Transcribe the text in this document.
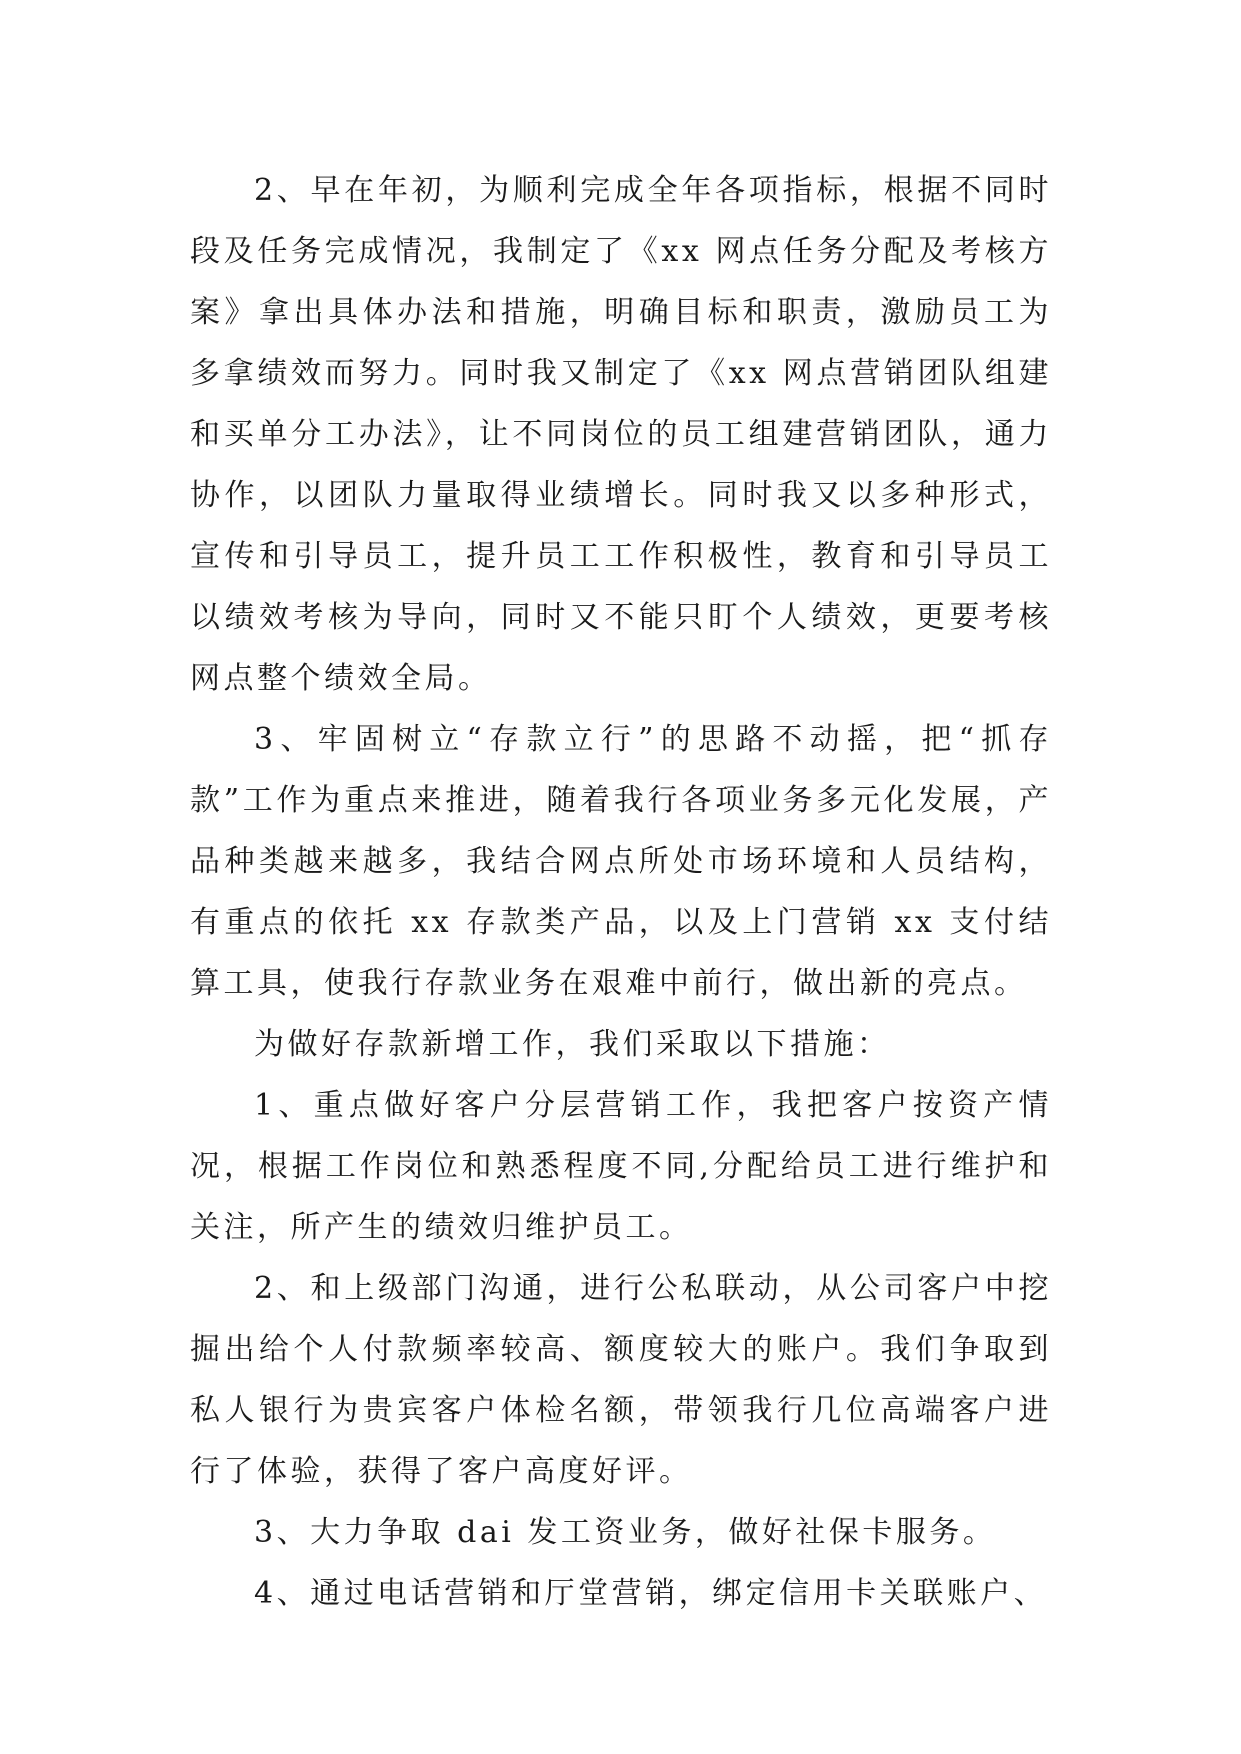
2、早在年初，为顺利完成全年各项指标，根据不同时段及任务完成情况，我制定了《xx 网点任务分配及考核方案》拿出具体办法和措施，明确目标和职责，激励员工为多拿绩效而努力。同时我又制定了《xx 网点营销团队组建和买单分工办法》，让不同岗位的员工组建营销团队，通力协作，以团队力量取得业绩增长。同时我又以多种形式，宣传和引导员工，提升员工工作积极性，教育和引导员工以绩效考核为导向，同时又不能只盯个人绩效，更要考核网点整个绩效全局。

3、牢固树立“存款立行”的思路不动摇，把“抓存款”工作为重点来推进，随着我行各项业务多元化发展，产品种类越来越多，我结合网点所处市场环境和人员结构，有重点的依托 xx 存款类产品，以及上门营销 xx 支付结算工具，使我行存款业务在艰难中前行，做出新的亮点。

为做好存款新增工作，我们采取以下措施：

1、重点做好客户分层营销工作，我把客户按资产情况，根据工作岗位和熟悉程度不同,分配给员工进行维护和关注，所产生的绩效归维护员工。

2、和上级部门沟通，进行公私联动，从公司客户中挖掘出给个人付款频率较高、额度较大的账户。我们争取到私人银行为贵宾客户体检名额，带领我行几位高端客户进行了体验，获得了客户高度好评。

3、大力争取 dai 发工资业务，做好社保卡服务。

4、通过电话营销和厅堂营销，绑定信用卡关联账户、
